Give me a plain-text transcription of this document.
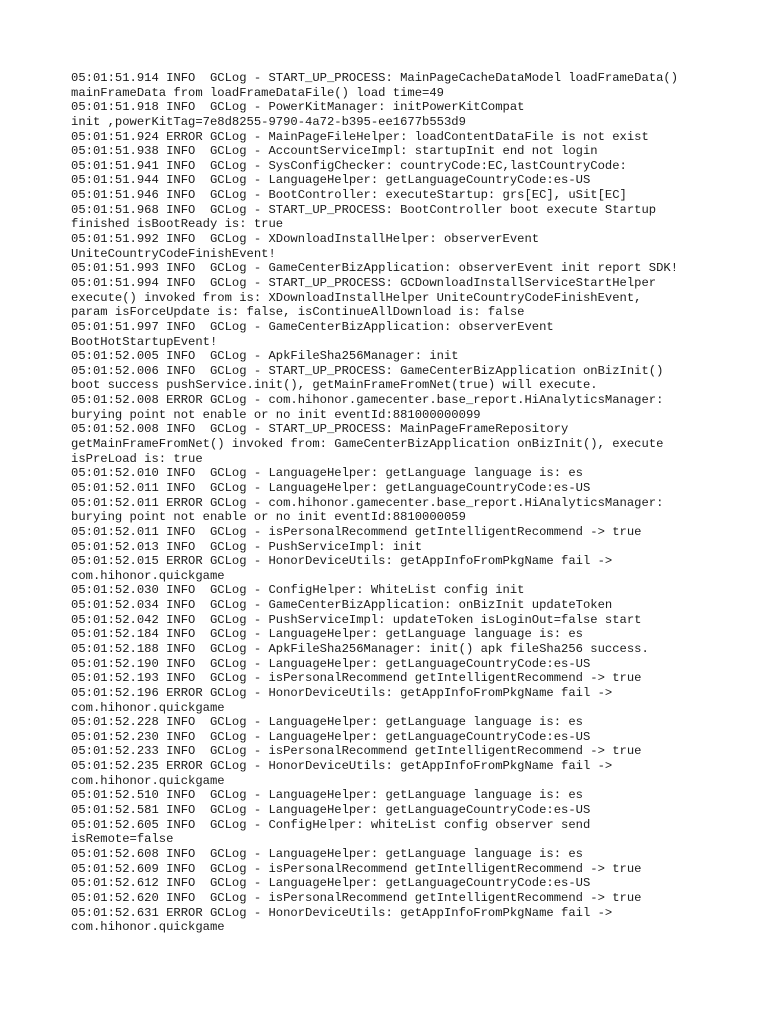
05:01:51.914 INFO  GCLog - START_UP_PROCESS: MainPageCacheDataModel loadFrameData()
mainFrameData from loadFrameDataFile() load time=49
05:01:51.918 INFO  GCLog - PowerKitManager: initPowerKitCompat
init ,powerKitTag=7e8d8255-9790-4a72-b395-ee1677b553d9
05:01:51.924 ERROR GCLog - MainPageFileHelper: loadContentDataFile is not exist
05:01:51.938 INFO  GCLog - AccountServiceImpl: startupInit end not login
05:01:51.941 INFO  GCLog - SysConfigChecker: countryCode:EC,lastCountryCode:
05:01:51.944 INFO  GCLog - LanguageHelper: getLanguageCountryCode:es-US
05:01:51.946 INFO  GCLog - BootController: executeStartup: grs[EC], uSit[EC]
05:01:51.968 INFO  GCLog - START_UP_PROCESS: BootController boot execute Startup
finished isBootReady is: true
05:01:51.992 INFO  GCLog - XDownloadInstallHelper: observerEvent
UniteCountryCodeFinishEvent!
05:01:51.993 INFO  GCLog - GameCenterBizApplication: observerEvent init report SDK!
05:01:51.994 INFO  GCLog - START_UP_PROCESS: GCDownloadInstallServiceStartHelper
execute() invoked from is: XDownloadInstallHelper UniteCountryCodeFinishEvent,
param isForceUpdate is: false, isContinueAllDownload is: false
05:01:51.997 INFO  GCLog - GameCenterBizApplication: observerEvent
BootHotStartupEvent!
05:01:52.005 INFO  GCLog - ApkFileSha256Manager: init
05:01:52.006 INFO  GCLog - START_UP_PROCESS: GameCenterBizApplication onBizInit()
boot success pushService.init(), getMainFrameFromNet(true) will execute.
05:01:52.008 ERROR GCLog - com.hihonor.gamecenter.base_report.HiAnalyticsManager:
burying point not enable or no init eventId:881000000099
05:01:52.008 INFO  GCLog - START_UP_PROCESS: MainPageFrameRepository
getMainFrameFromNet() invoked from: GameCenterBizApplication onBizInit(), execute
isPreLoad is: true
05:01:52.010 INFO  GCLog - LanguageHelper: getLanguage language is: es
05:01:52.011 INFO  GCLog - LanguageHelper: getLanguageCountryCode:es-US
05:01:52.011 ERROR GCLog - com.hihonor.gamecenter.base_report.HiAnalyticsManager:
burying point not enable or no init eventId:8810000059
05:01:52.011 INFO  GCLog - isPersonalRecommend getIntelligentRecommend -> true
05:01:52.013 INFO  GCLog - PushServiceImpl: init
05:01:52.015 ERROR GCLog - HonorDeviceUtils: getAppInfoFromPkgName fail ->
com.hihonor.quickgame
05:01:52.030 INFO  GCLog - ConfigHelper: WhiteList config init
05:01:52.034 INFO  GCLog - GameCenterBizApplication: onBizInit updateToken
05:01:52.042 INFO  GCLog - PushServiceImpl: updateToken isLoginOut=false start
05:01:52.184 INFO  GCLog - LanguageHelper: getLanguage language is: es
05:01:52.188 INFO  GCLog - ApkFileSha256Manager: init() apk fileSha256 success.
05:01:52.190 INFO  GCLog - LanguageHelper: getLanguageCountryCode:es-US
05:01:52.193 INFO  GCLog - isPersonalRecommend getIntelligentRecommend -> true
05:01:52.196 ERROR GCLog - HonorDeviceUtils: getAppInfoFromPkgName fail ->
com.hihonor.quickgame
05:01:52.228 INFO  GCLog - LanguageHelper: getLanguage language is: es
05:01:52.230 INFO  GCLog - LanguageHelper: getLanguageCountryCode:es-US
05:01:52.233 INFO  GCLog - isPersonalRecommend getIntelligentRecommend -> true
05:01:52.235 ERROR GCLog - HonorDeviceUtils: getAppInfoFromPkgName fail ->
com.hihonor.quickgame
05:01:52.510 INFO  GCLog - LanguageHelper: getLanguage language is: es
05:01:52.581 INFO  GCLog - LanguageHelper: getLanguageCountryCode:es-US
05:01:52.605 INFO  GCLog - ConfigHelper: whiteList config observer send
isRemote=false
05:01:52.608 INFO  GCLog - LanguageHelper: getLanguage language is: es
05:01:52.609 INFO  GCLog - isPersonalRecommend getIntelligentRecommend -> true
05:01:52.612 INFO  GCLog - LanguageHelper: getLanguageCountryCode:es-US
05:01:52.620 INFO  GCLog - isPersonalRecommend getIntelligentRecommend -> true
05:01:52.631 ERROR GCLog - HonorDeviceUtils: getAppInfoFromPkgName fail ->
com.hihonor.quickgame
